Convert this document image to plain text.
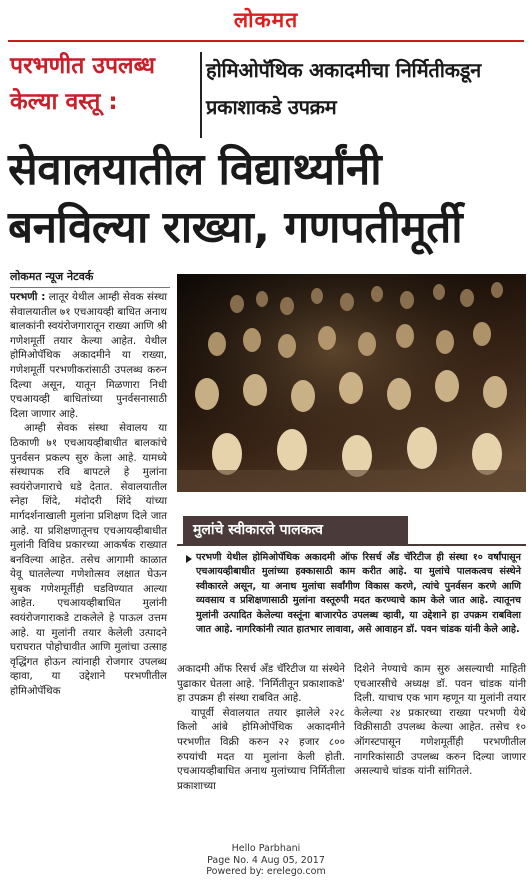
लोकमत
परभणीत उपलब्ध केल्या वस्तू :
होमिओपॅथिक अकादमीचा निर्मितीकडून प्रकाशाकडे उपक्रम
सेवालयातील विद्यार्थ्यांनी बनविल्या राख्या, गणपतीमूर्ती
लोकमत न्यूज नेटवर्क

परभणी : लातूर येथील आम्ही सेवक संस्था सेवालयातील ७१ एचआयव्ही बाधित अनाथ बालकांनी स्वयंरोजगारातून राख्या आणि श्री गणेशमूर्ती तयार केल्या आहेत. येथील होमिओपॅथिक अकादमीने या राख्या, गणेशमूर्ती परभणीकरांसाठी उपलब्ध करुन दिल्या असून, यातून मिळणारा निधी एचआयव्ही बाधितांच्या पुनर्वसनासाठी दिला जाणार आहे.

आम्ही सेवक संस्था सेवालय या ठिकाणी ७१ एचआयव्हीबाधीत बालकांचे पुनर्वसन प्रकल्प सुरु केला आहे. यामध्ये संस्थापक रवि बापटले हे मुलांना स्वयंरोजगाराचे धडे देतात. सेवालयातील स्नेहा शिंदे, मंदोदरी शिंदे यांच्या मार्गदर्शनाखाली मुलांना प्रशिक्षण दिले जात आहे. या प्रशिक्षणातूनच एचआयव्हीबाधीत मुलांनी विविध प्रकारच्या आकर्षक राख्यात बनविल्या आहेत. तसेच आगामी काळात येवू घातलेल्या गणेशोत्सव लक्षात घेऊन सुबक गणेशमूर्तीही घडविण्यात आल्या आहेत. एचआयव्हीबाधित मुलांनी स्वयंरोजगाराकडे टाकलेले हे पाऊल उत्तम आहे. या मुलांनी तयार केलेली उत्पादने घराघरात पोहोचावीत आणि मुलांचा उत्साह वृद्धिंगत होऊन त्यांनाही रोजगार उपलब्ध व्हावा, या उद्देशाने परभणीतील होमिओपॅथिक

मुलांचे स्वीकारले पालकत्व
परभणी येथील होमिओपॅथिक अकादमी ऑफ रिसर्च अँड चॅरिटीज ही संस्था १० वर्षांपासून एचआयव्हीबाधीत मुलांच्या हक्कासाठी काम करीत आहे. या मुलांचे पालकत्वच संस्थेने स्वीकारले असून, या अनाथ मुलांचा सर्वांगीण विकास करणे, त्यांचे पुनर्वसन करणे आणि व्यवसाय व प्रशिक्षणासाठी मुलांना वस्तूरुपी मदत करण्याचे काम केले जात आहे. त्यातूनच मुलांनी उत्पादित केलेल्या वस्तूंना बाजारपेठ उपलब्ध व्हावी, या उद्देशाने हा उपक्रम राबविला जात आहे. नागरिकांनी त्यात हातभार लावावा, असे आवाहन डॉ. पवन चांडक यांनी केले आहे.

अकादमी ऑफ रिसर्च अँड चॅरिटीज या संस्थेने पुढाकार घेतला आहे. 'निर्मितीतून प्रकाशाकडे' हा उपक्रम ही संस्था राबवित आहे.

यापूर्वी सेवालयात तयार झालेले २२८ किलो आंबे होमिओपॅथिक अकादमीने परभणीत विक्री करुन २२ हजार ८०० रुपयांची मदत या मुलांना केली होती. एचआयव्हीबाधित अनाथ मुलांच्याच निर्मितीला प्रकाशाच्या

दिशेने नेण्याचे काम सुरु असल्याची माहिती एचआरसीचे अध्यक्ष डॉ. पवन चांडक यांनी दिली. याचाच एक भाग म्हणून या मुलांनी तयार केलेल्या २४ प्रकारच्या राख्या परभणी येथे विक्रीसाठी उपलब्ध केल्या आहेत. तसेच १० ऑगस्टपासून गणेशमूर्तीही परभणीतील नागरिकांसाठी उपलब्ध करुन दिल्या जाणार असल्याचे चांडक यांनी सांगितले.

Hello Parbhani
Page No. 4 Aug 05, 2017
Powered by: erelego.com
